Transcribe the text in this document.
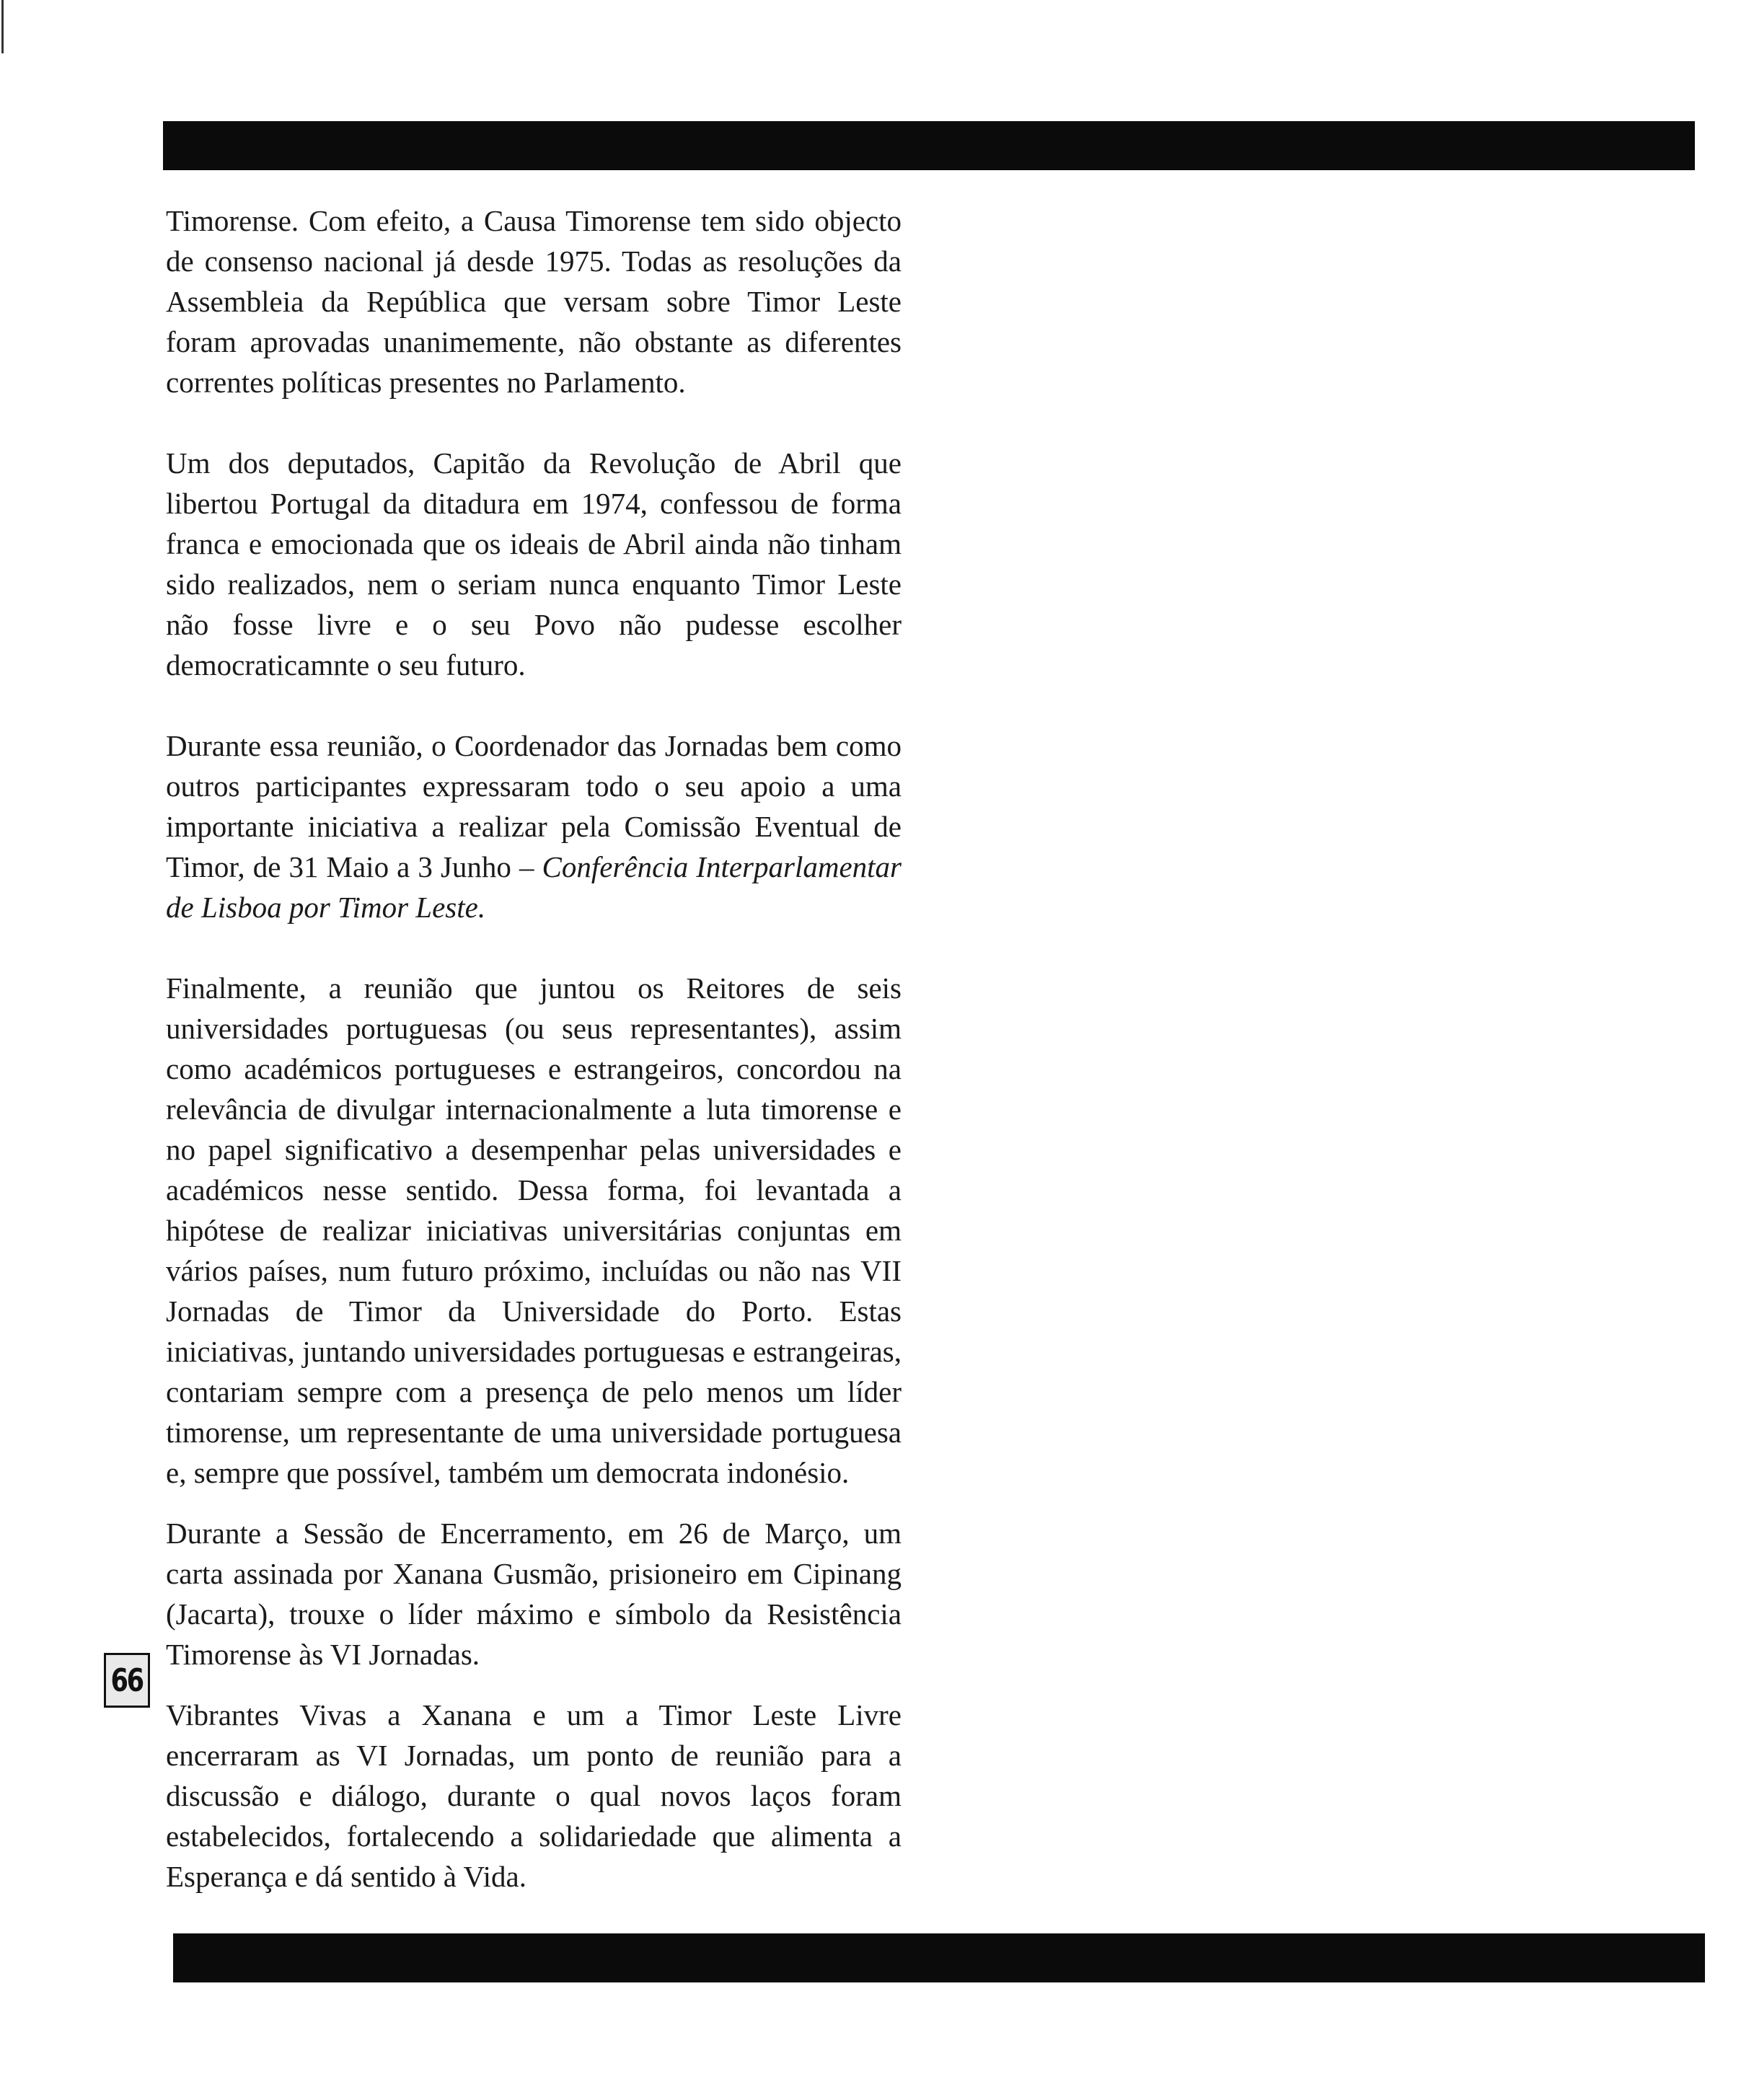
Timorense. Com efeito, a Causa Timorense tem sido objecto de consenso nacional já desde 1975. Todas as resoluções da Assembleia da República que versam sobre Timor Leste foram aprovadas unanimemente, não obstante as diferentes correntes políticas presentes no Parlamento.

Um dos deputados, Capitão da Revolução de Abril que libertou Portugal da ditadura em 1974, confessou de forma franca e emocionada que os ideais de Abril ainda não tinham sido realizados, nem o seriam nunca enquanto Timor Leste não fosse livre e o seu Povo não pudesse escolher democraticamnte o seu futuro.

Durante essa reunião, o Coordenador das Jornadas bem como outros participantes expressaram todo o seu apoio a uma importante iniciativa a realizar pela Comissão Eventual de Timor, de 31 Maio a 3 Junho – Conferência Interparlamentar de Lisboa por Timor Leste.

Finalmente, a reunião que juntou os Reitores de seis universidades portuguesas (ou seus representantes), assim como académicos portugueses e estrangeiros, concordou na relevância de divulgar internacionalmente a luta timorense e no papel significativo a desempenhar pelas universidades e académicos nesse sentido. Dessa forma, foi levantada a hipótese de realizar iniciativas universitárias conjuntas em vários países, num futuro próximo, incluídas ou não nas VII Jornadas de Timor da Universidade do Porto. Estas iniciativas, juntando universidades portuguesas e estrangeiras, contariam sempre com a presença de pelo menos um líder timorense, um representante de uma universidade portuguesa e, sempre que possível, também um democrata indonésio.

Durante a Sessão de Encerramento, em 26 de Março, um carta assinada por Xanana Gusmão, prisioneiro em Cipinang (Jacarta), trouxe o líder máximo e símbolo da Resistência Timorense às VI Jornadas.

Vibrantes Vivas a Xanana e um a Timor Leste Livre encerraram as VI Jornadas, um ponto de reunião para a discussão e diálogo, durante o qual novos laços foram estabelecidos, fortalecendo a solidariedade que alimenta a Esperança e dá sentido à Vida.

66
